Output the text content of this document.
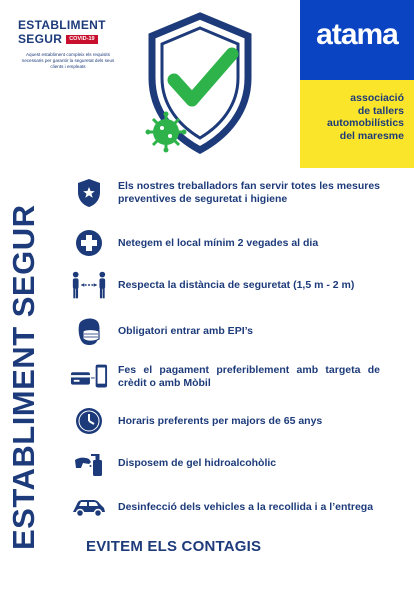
ESTABLIMENT
SEGUR	COVID-19
Aquest establiment compleix els requisits necessaris per garantir la seguretat dels seus clients i empleats
atama
associació
de tallers
automobilístics
del maresme
ESTABLIMENT SEGUR
Els nostres treballadors fan servir totes les mesures preventives de seguretat i higiene
Netegem el local mínim 2 vegades al dia
Respecta la distància de seguretat (1,5 m - 2 m)
Obligatori entrar amb EPI’s
Fes el pagament preferiblement amb targeta de crèdit o amb Mòbil
Horaris preferents per majors de 65 anys
Disposem de gel hidroalcohòlic
Desinfecció dels vehicles a la recollida i a l’entrega
EVITEM ELS CONTAGIS
